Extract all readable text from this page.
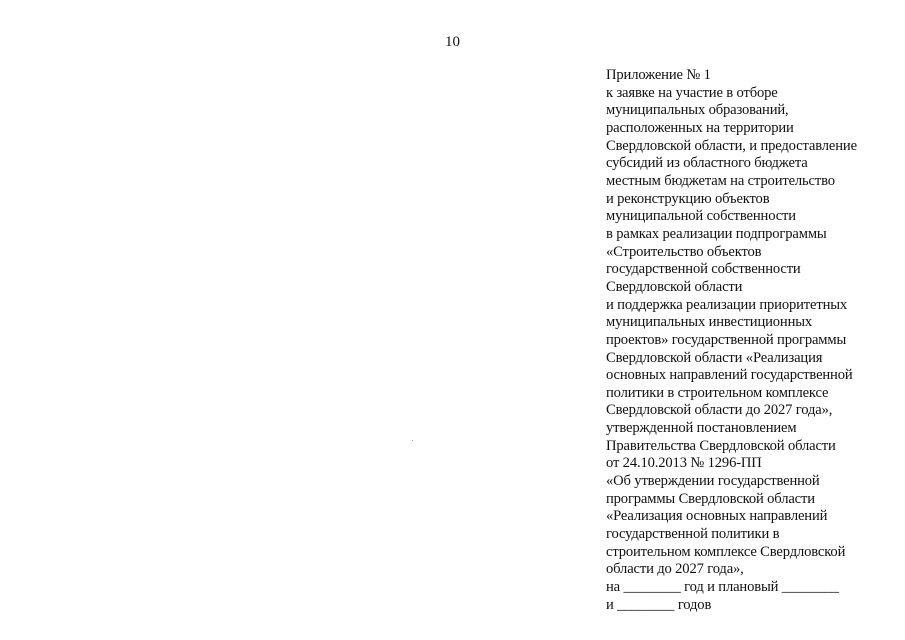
10
Приложение № 1
к заявке на участие в отборе
муниципальных образований,
расположенных на территории
Свердловской области, и предоставление
субсидий из областного бюджета
местным бюджетам на строительство
и реконструкцию объектов
муниципальной собственности
в рамках реализации подпрограммы
«Строительство объектов
государственной собственности
Свердловской области
и поддержка реализации приоритетных
муниципальных инвестиционных
проектов» государственной программы
Свердловской области «Реализация
основных направлений государственной
политики в строительном комплексе
Свердловской области до 2027 года»,
утвержденной постановлением
Правительства Свердловской области
от 24.10.2013 № 1296-ПП
«Об утверждении государственной
программы Свердловской области
«Реализация основных направлений
государственной политики в
строительном комплексе Свердловской
области до 2027 года»,
на ________ год и плановый ________
и ________ годов
